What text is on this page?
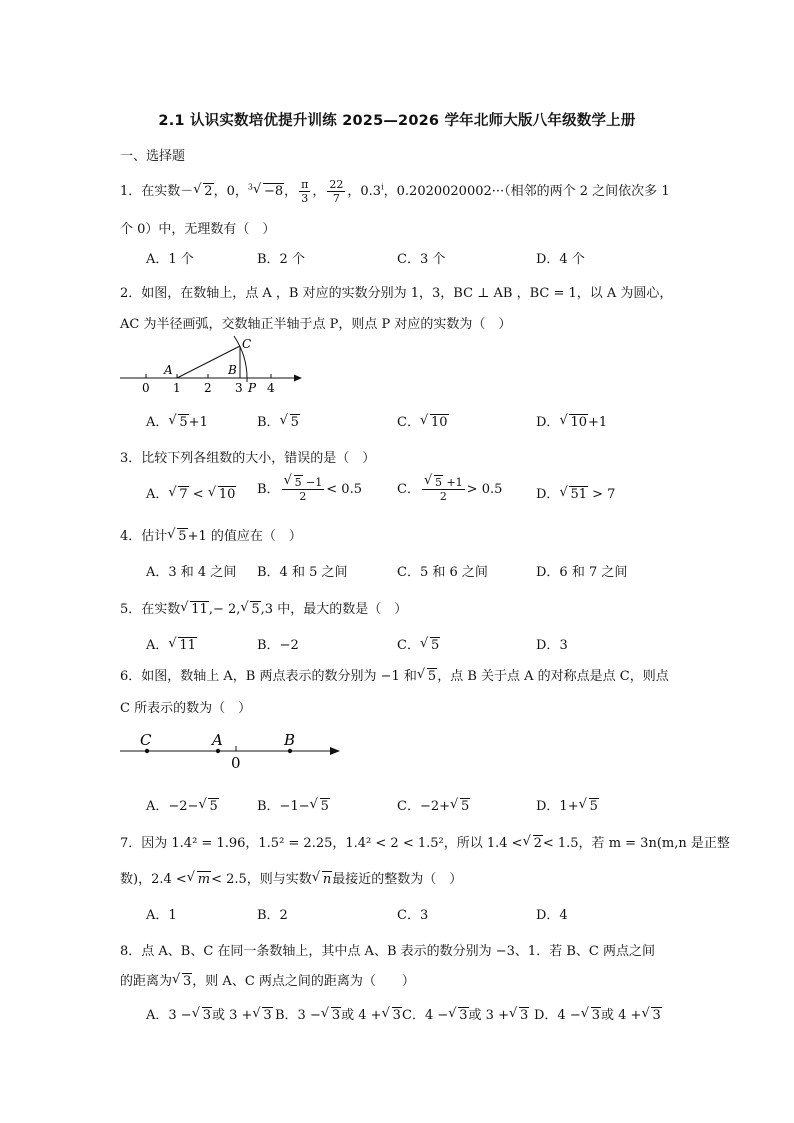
2.1 认识实数培优提升训练 2025—2026 学年北师大版八年级数学上册
一、选择题
1．在实数－ √ 2，0，$^3$ √ −8， $\frac{\pi}{3}$ ， $\frac{22}{7}$ ，0.3$^i$，0.2020020002···（相邻的两个 2 之间依次多 1
个 0）中，无理数有（　）
A．1 个	B．2 个	C．3 个	D．4 个
2．如图，在数轴上，点 A ，B 对应的实数分别为 1，3，BC ⊥ AB ，BC = 1，以 A 为圆心，
AC 为半径画弧，交数轴正半轴于点 P，则点 P 对应的实数为（　）
0 1 2 3 4
A	B
C
P
A． √ 5+1	B． √ 5	C． √ 10	D． √ 10+1
3．比较下列各组数的大小，错误的是（　）
A． √ 7 < √ 10 B． √ $\frac{5 -1}{2} < 0.5$	C． √ $\frac{5 +1}{2} > 0.5$	D． √ 51 > 7
4．估计 √ 5+1 的值应在（　）
A．3 和 4 之间 B．4 和 5 之间	C．5 和 6 之间	D．6 和 7 之间
5．在实数 √ 11,− 2, √ 5,3 中，最大的数是（　）
A． √ 11	B．−2	C． √ 5	D．3
6．如图，数轴上 A，B 两点表示的数分别为 −1 和 √ 5，点 B 关于点 A 的对称点是点 C，则点
C 所表示的数为（　）
C	A	B
0
A．−2− √ 5	B．−1− √ 5	C．−2+ √ 5	D．1+ √ 5
7．因为 1.4² = 1.96，1.5² = 2.25，1.4² < 2 < 1.5²，所以 1.4 < √ 2< 1.5，若 m = 3n(m,n 是正整
数)，2.4 < √ m< 2.5，则与实数 √ n最接近的整数为（　）
A．1	B．2	C．3	D．4
8．点 A、B、C 在同一条数轴上，其中点 A、B 表示的数分别为 −3、1．若 B、C 两点之间
的距离为 √ 3，则 A、C 两点之间的距离为（　　）
A．3 − √ 3或 3 + √ 3 B．3 − √ 3或 4 + √ 3 C．4 − √ 3或 3 + √ 3 D．4 − √ 3或 4 + √ 3
